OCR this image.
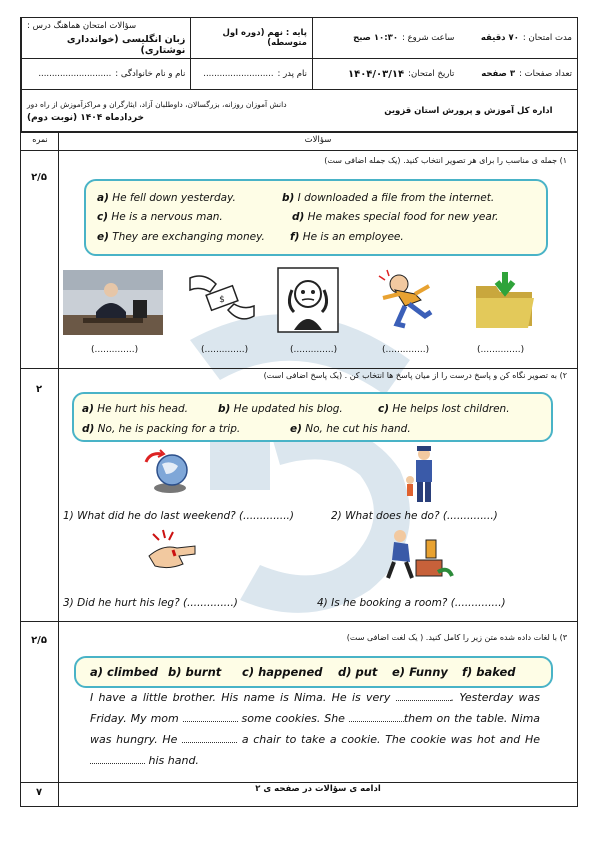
سؤالات امتحان هماهنگ درس :
زبان انگلیسی (خواندداری نوشتاری)
پایه : نهم (دوره اول متوسطه)	ساعت شروع :
۱۰:۳۰ صبح	مدت امتحان :
۷۰ دقیقه
نام و نام خانوادگی :
...........................	نام پدر :
..........................	تاریخ امتحان:
۱۴۰۴/۰۳/۱۴	تعداد صفحات :
۳ صفحه
دانش آموزان روزانه، بزرگسالان، داوطلبان آزاد، ایثارگران و مراکزآموزش از راه دور
خردادماه ۱۴۰۴ (نوبت دوم)
اداره کل آموزش و پرورش استان قزوین
نمره	سؤالات
۲/۵
۱) جمله ی مناسب را برای هر تصویر انتخاب کنید. (یک جمله اضافی ست)
a) He fell down yesterday.	b) I downloaded a file from the internet.
c) He is a nervous man.	d) He makes special food for new year.
e) They are exchanging money. f) He is an employee.
$
(..............)	(..............)	(..............)	(..............)	(..............)
۲
۲) به تصویر نگاه کن و پاسخ درست را از میان پاسخ ها انتخاب کن . (یک پاسخ اضافی است)
a) He hurt his head.	b) He updated his blog.	c) He helps lost children.
d) No, he is packing for a trip.	e) No, he cut his hand.
1) What did he do last weekend? (..............)	2) What does he do? (..............)
3) Did he hurt his leg? (..............)	4) Is he booking a room? (..............)
۲/۵	۳) با لغات داده شده متن زیر را کامل کنید. ( یک لغت اضافی ست)
a) climbed b) burnt c) happened d) put e) Funny f) baked
I have a little brother. His name is Nima. He is very	. Yesterday was Friday. My mom	some cookies. She	them on the table. Nima was hungry. He	a chair to take a cookie. The cookie was hot and He  his hand.
۷	ادامه ی سؤالات در صفحه ی ۲
